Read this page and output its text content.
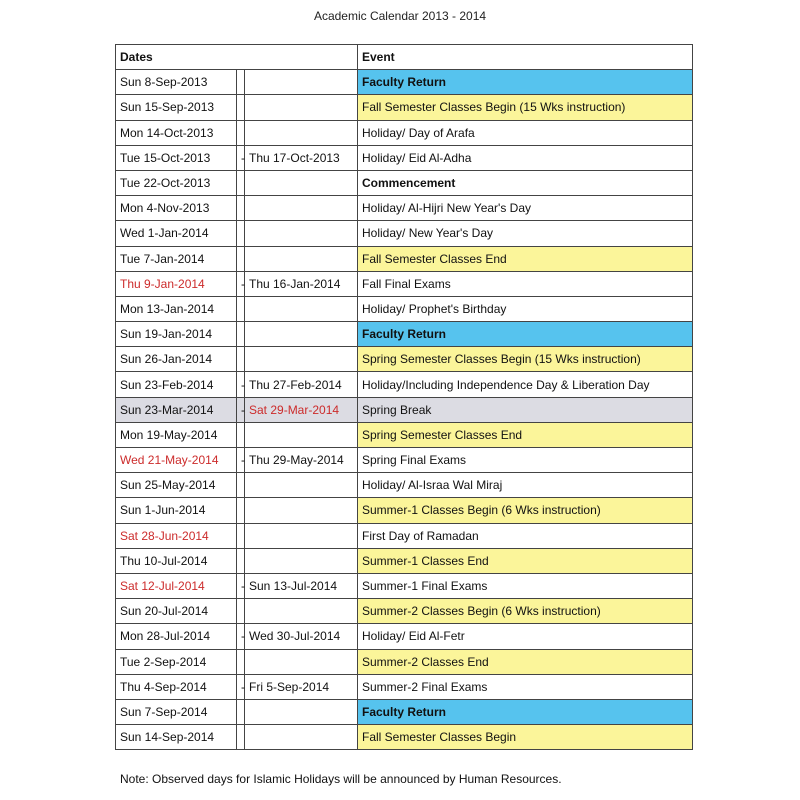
Academic Calendar 2013 - 2014
Dates			Event
Sun 8-Sep-2013			Faculty Return
Sun 15-Sep-2013			Fall Semester Classes Begin (15 Wks instruction)
Mon 14-Oct-2013			Holiday/ Day of Arafa
Tue 15-Oct-2013	-	Thu 17-Oct-2013	Holiday/ Eid Al-Adha
Tue 22-Oct-2013			Commencement
Mon 4-Nov-2013			Holiday/ Al-Hijri New Year's Day
Wed 1-Jan-2014			Holiday/ New Year's Day
Tue 7-Jan-2014			Fall Semester Classes End
Thu 9-Jan-2014	-	Thu 16-Jan-2014	Fall Final Exams
Mon 13-Jan-2014			Holiday/ Prophet's Birthday
Sun 19-Jan-2014			Faculty Return
Sun 26-Jan-2014			Spring Semester Classes Begin (15 Wks instruction)
Sun 23-Feb-2014	-	Thu 27-Feb-2014	Holiday/Including Independence Day & Liberation Day
Sun 23-Mar-2014	-	Sat 29-Mar-2014	Spring Break
Mon 19-May-2014			Spring Semester Classes End
Wed 21-May-2014	-	Thu 29-May-2014	Spring Final Exams
Sun 25-May-2014			Holiday/ Al-Israa Wal Miraj
Sun 1-Jun-2014			Summer-1 Classes Begin (6 Wks instruction)
Sat 28-Jun-2014			First Day of Ramadan
Thu 10-Jul-2014			Summer-1 Classes End
Sat 12-Jul-2014	-	Sun 13-Jul-2014	Summer-1 Final Exams
Sun 20-Jul-2014			Summer-2 Classes Begin (6 Wks instruction)
Mon 28-Jul-2014	-	Wed 30-Jul-2014	Holiday/ Eid Al-Fetr
Tue 2-Sep-2014			Summer-2 Classes End
Thu 4-Sep-2014	-	Fri 5-Sep-2014	Summer-2 Final Exams
Sun 7-Sep-2014			Faculty Return
Sun 14-Sep-2014			Fall Semester Classes Begin
Note: Observed days for Islamic Holidays will be announced by Human Resources.
